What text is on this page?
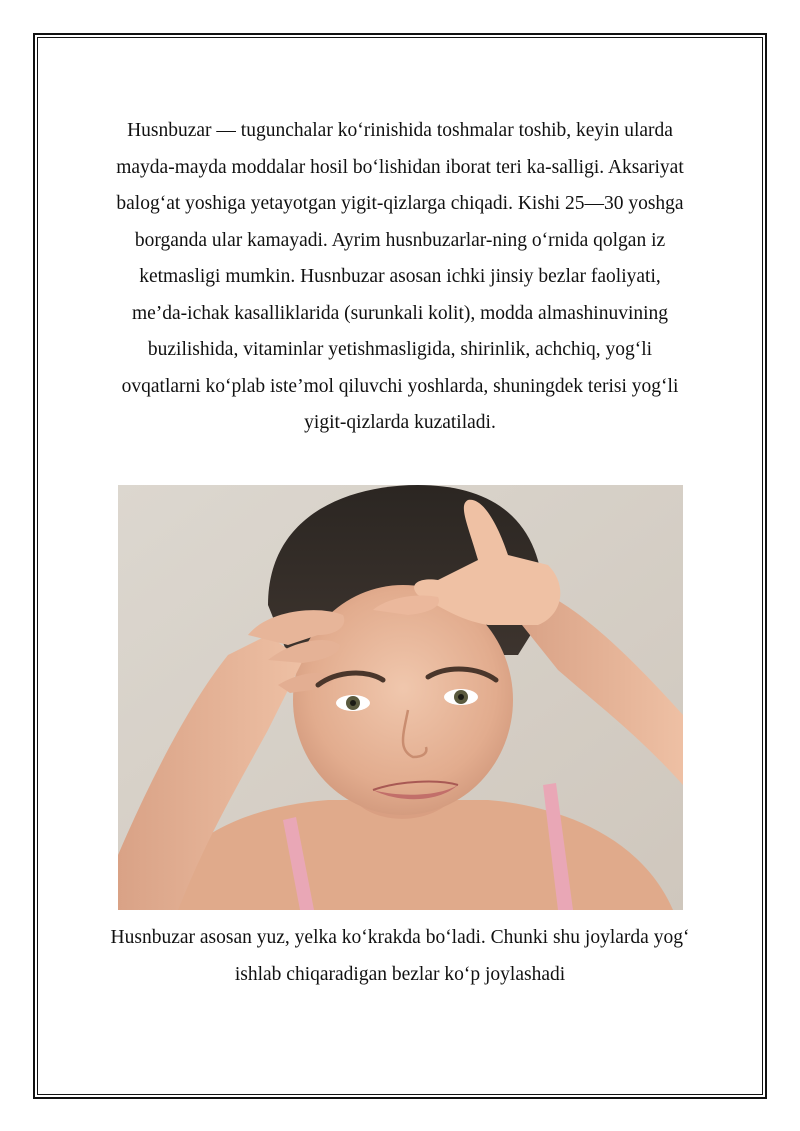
Husnbuzar — tugunchalar ko‘rinishida toshmalar toshib, keyin ularda mayda-mayda moddalar hosil bo‘lishidan iborat teri ka-salligi. Aksariyat balog‘at yoshiga yetayotgan yigit-qizlarga chiqadi. Kishi 25—30 yoshga borganda ular kamayadi. Ayrim husnbuzarlar-ning o‘rnida qolgan iz ketmasligi mumkin. Husnbuzar asosan ichki jinsiy bezlar faoliyati, me’da-ichak kasalliklarida (surunkali kolit), modda almashinuvining buzilishida, vitaminlar yetishmasligida, shirinlik, achchiq, yog‘li ovqatlarni ko‘plab iste’mol qiluvchi yoshlarda, shuningdek terisi yog‘li yigit-qizlarda kuzatiladi.

Husnbuzar asosan yuz, yelka ko‘krakda bo‘ladi. Chunki shu joylarda yog‘ ishlab chiqaradigan bezlar ko‘p joylashadi
